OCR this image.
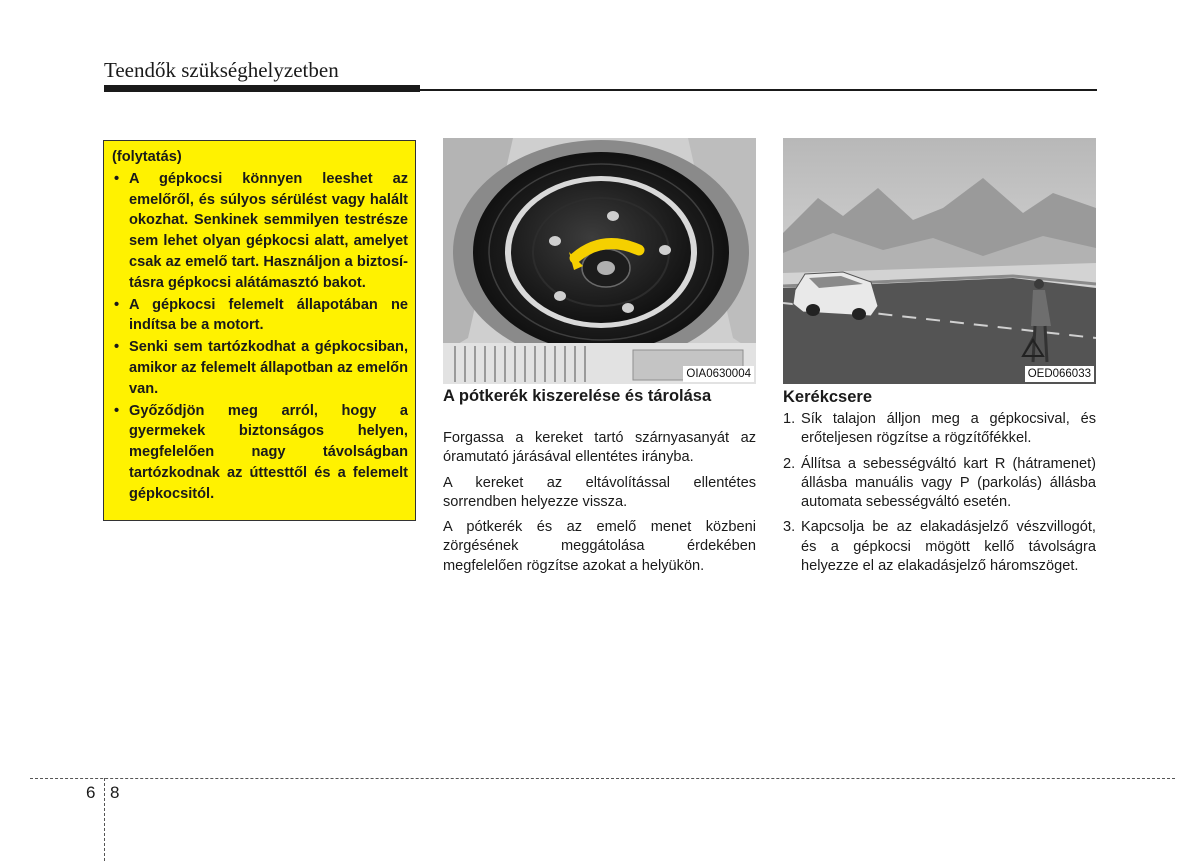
Teendők szükséghelyzetben
(folytatás)
• A gépkocsi könnyen leeshet az emelőről, és súlyos sérülést vagy halált okozhat. Senkinek semmilyen testrésze sem lehet olyan gépkocsi alatt, amelyet csak az emelő tart. Használjon a biztosításra gépkocsi alátámasztó bakot.
• A gépkocsi felemelt állapotában ne indítsa be a motort.
• Senki sem tartózkodhat a gépkocsiban, amikor az felemelt állapotban az emelőn van.
• Győződjön meg arról, hogy a gyermekek biztonságos helyen, megfelelően nagy távolságban tartózkodnak az úttesttől és a felemelt gépkocsitól.
OIA0630004	OED066033
A pótkerék kiszerelése és tárolása

Forgassa a kereket tartó szárnyasanyát az óramutató járásával ellentétes irányba.

A kereket az eltávolítással ellentétes sorrendben helyezze vissza.

A pótkerék és az emelő menet közbeni zörgésének meggátolása érdekében megfelelően rögzítse azokat a helyükön.

Kerékcsere
1. Sík talajon álljon meg a gépkocsival, és erőteljesen rögzítse a rögzítőfékkel.
2. Állítsa a sebességváltó kart R (hátramenet) állásba manuális vagy P (parkolás) állásba automata sebességváltó esetén.
3. Kapcsolja be az elakadásjelző vészvillogót, és a gépkocsi mögött kellő távolságra helyezze el az elakadásjelző háromszöget.
6 8
